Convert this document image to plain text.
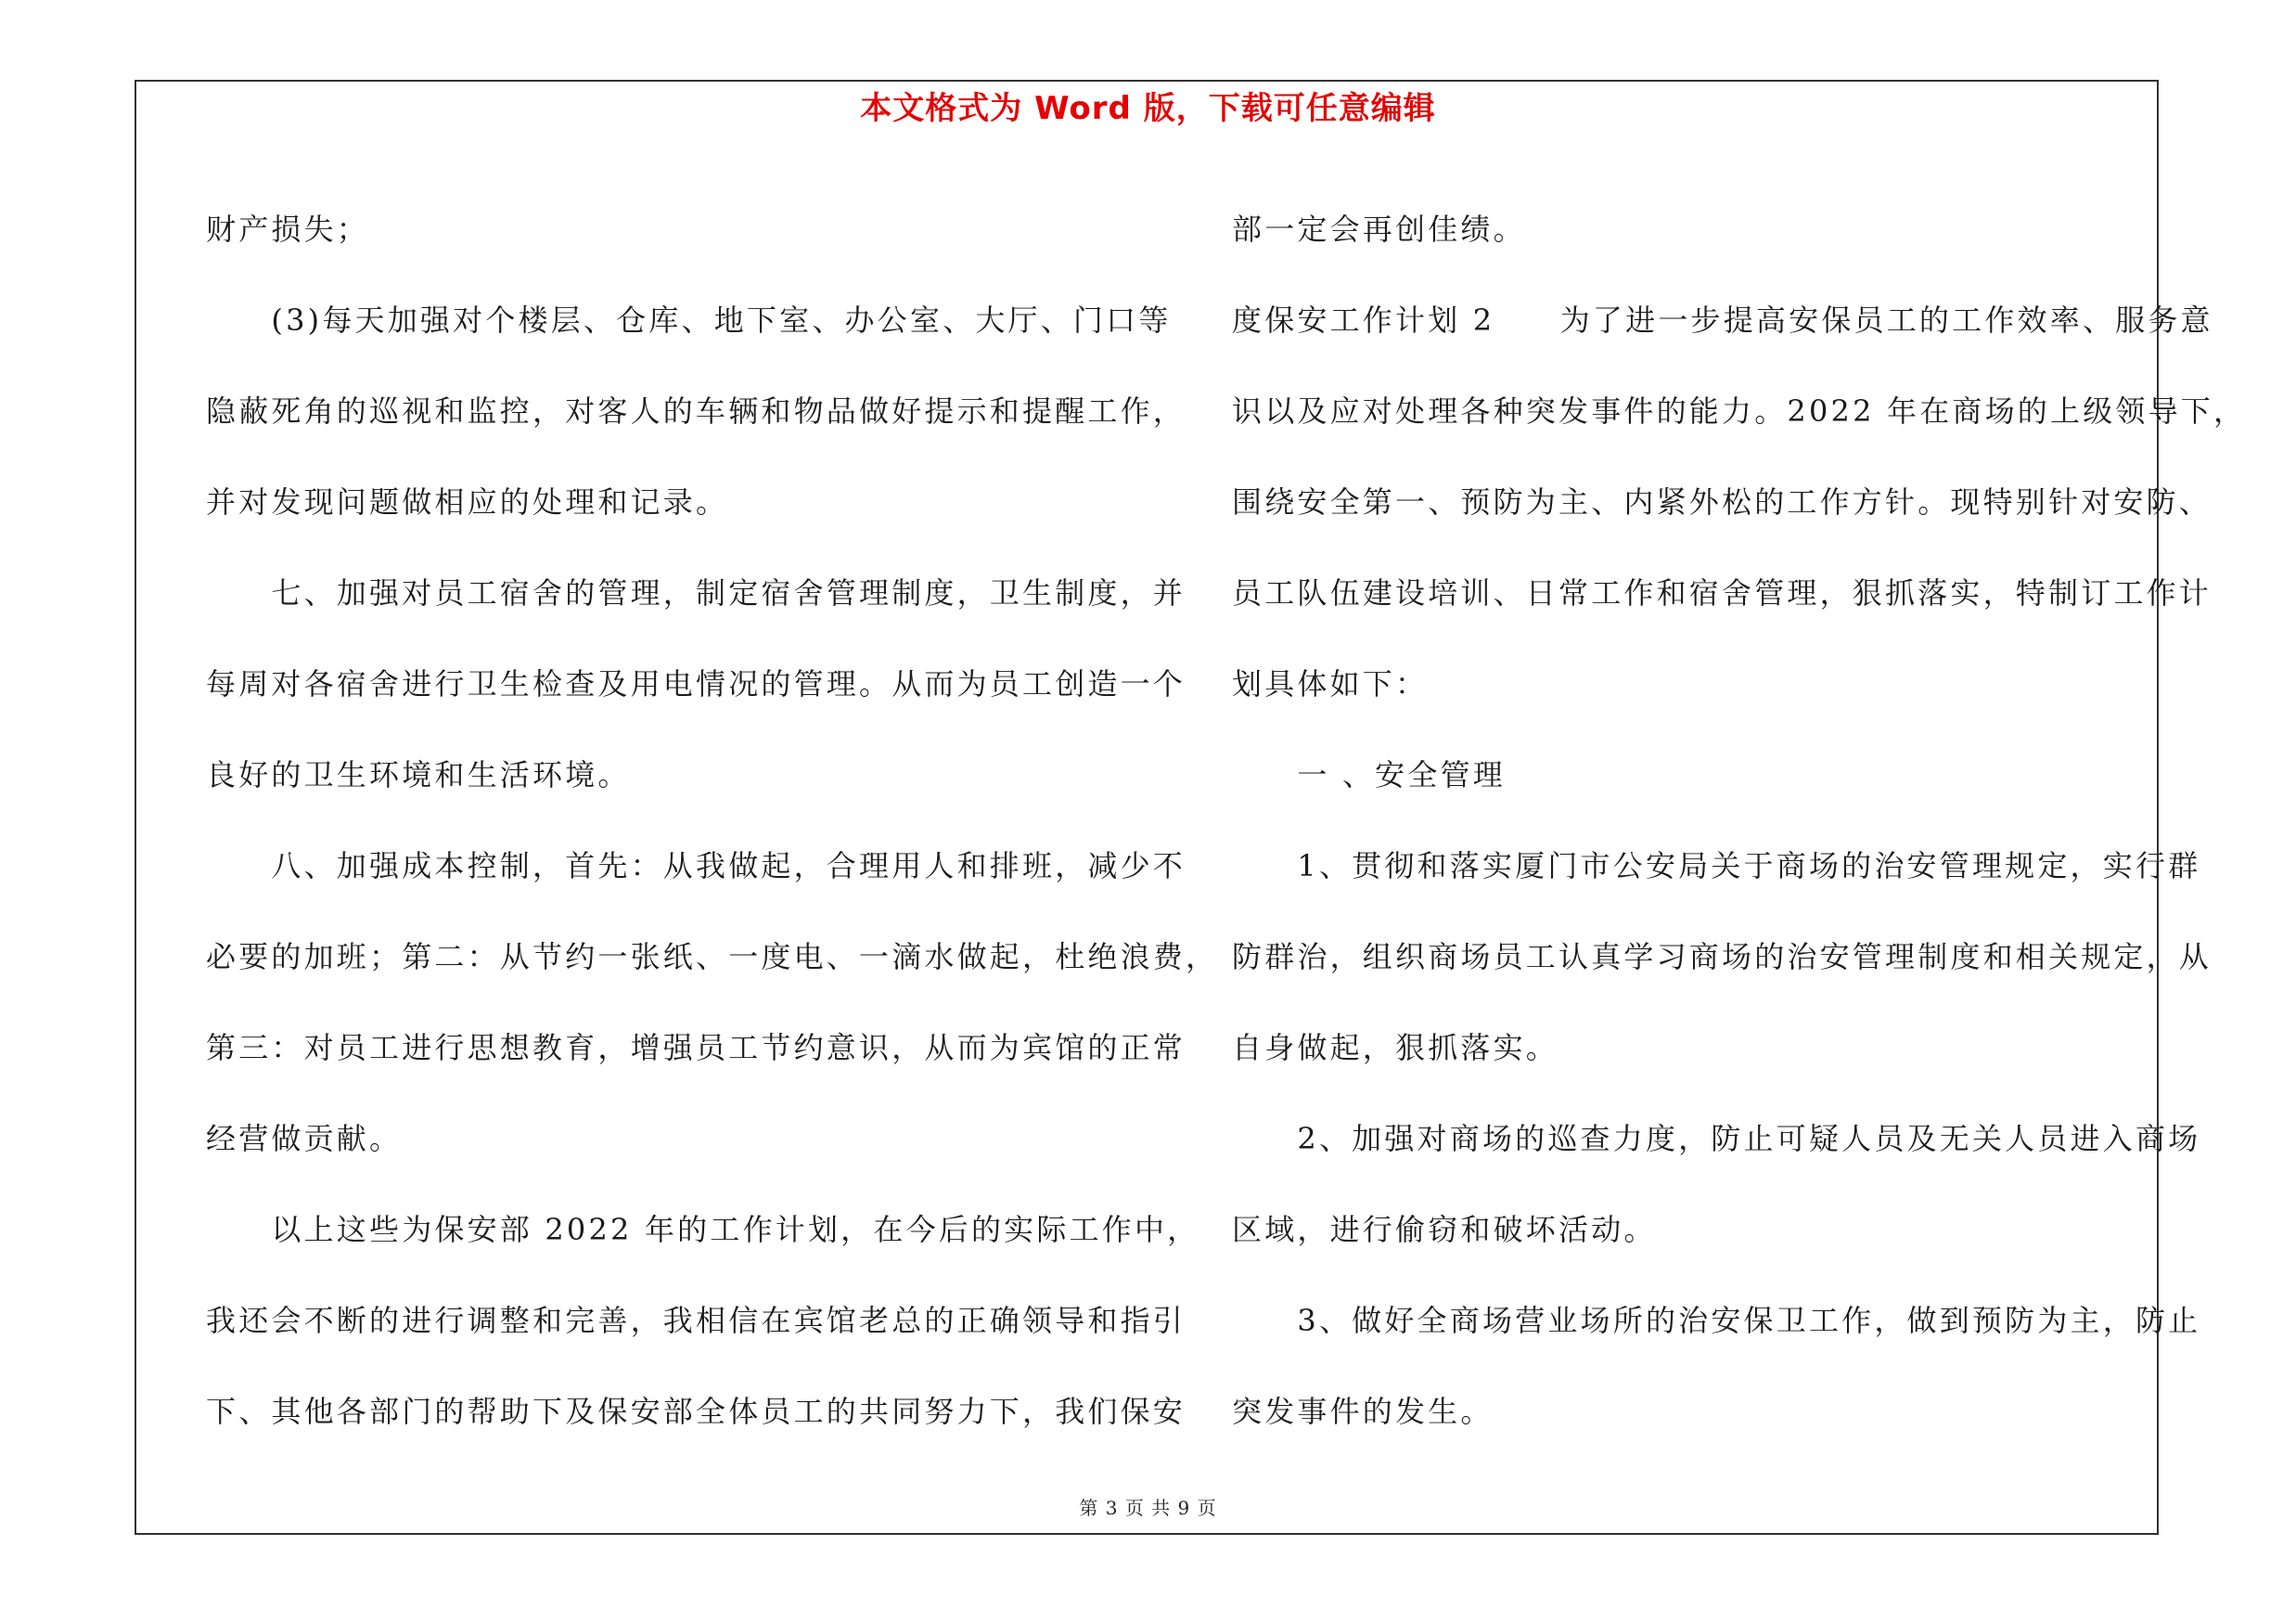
本文格式为 Word 版，下载可任意编辑

财产损失；

　　(3)每天加强对个楼层、仓库、地下室、办公室、大厅、门口等

隐蔽死角的巡视和监控，对客人的车辆和物品做好提示和提醒工作，

并对发现问题做相应的处理和记录。

　　七、加强对员工宿舍的管理，制定宿舍管理制度，卫生制度，并

每周对各宿舍进行卫生检查及用电情况的管理。从而为员工创造一个

良好的卫生环境和生活环境。

　　八、加强成本控制，首先：从我做起，合理用人和排班，减少不

必要的加班；第二：从节约一张纸、一度电、一滴水做起，杜绝浪费，

第三：对员工进行思想教育，增强员工节约意识，从而为宾馆的正常

经营做贡献。

　　以上这些为保安部 2022 年的工作计划，在今后的实际工作中，

我还会不断的进行调整和完善，我相信在宾馆老总的正确领导和指引

下、其他各部门的帮助下及保安部全体员工的共同努力下，我们保安

部一定会再创佳绩。

度保安工作计划 2　　为了进一步提高安保员工的工作效率、服务意

识以及应对处理各种突发事件的能力。2022 年在商场的上级领导下，

围绕安全第一、预防为主、内紧外松的工作方针。现特别针对安防、

员工队伍建设培训、日常工作和宿舍管理，狠抓落实，特制订工作计

划具体如下：

　　一 、安全管理

　　1、贯彻和落实厦门市公安局关于商场的治安管理规定，实行群

防群治，组织商场员工认真学习商场的治安管理制度和相关规定，从

自身做起，狠抓落实。

　　2、加强对商场的巡查力度，防止可疑人员及无关人员进入商场

区域，进行偷窃和破坏活动。

　　3、做好全商场营业场所的治安保卫工作，做到预防为主，防止

突发事件的发生。

第 3 页 共 9 页
